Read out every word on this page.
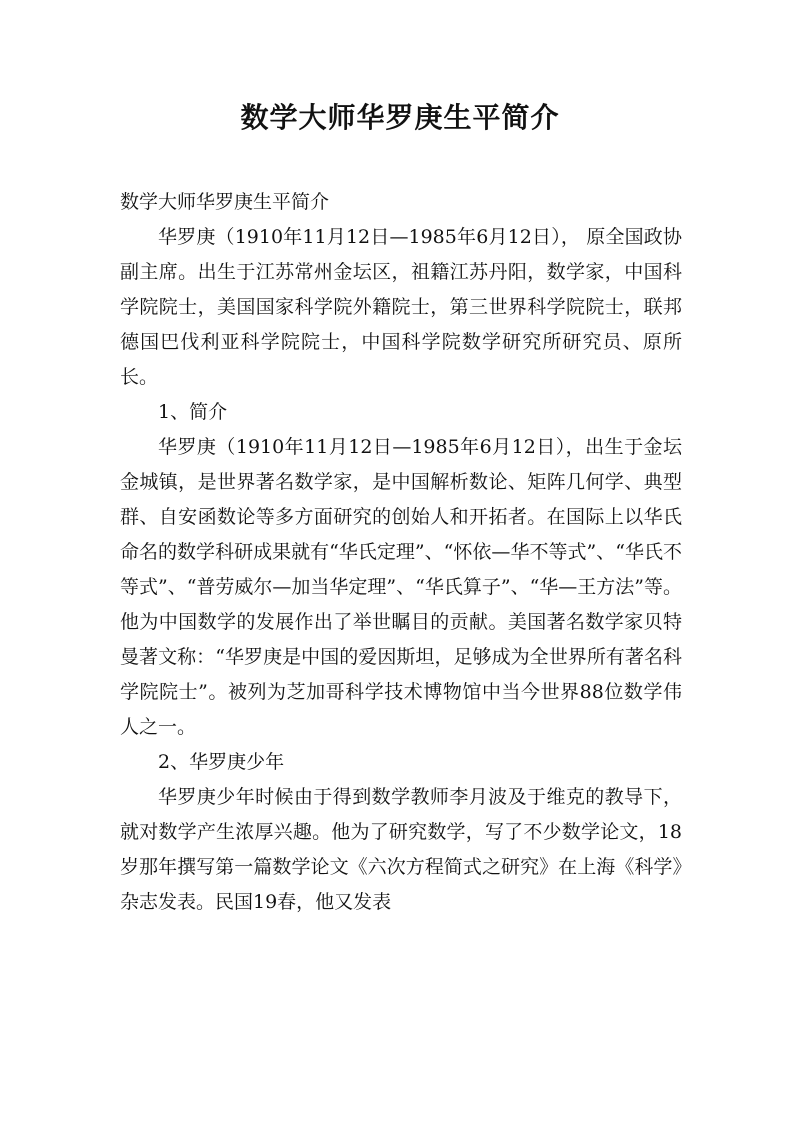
数学大师华罗庚生平简介

数学大师华罗庚生平简介

华罗庚（1910年11月12日—1985年6月12日）， 原全国政协副主席。出生于江苏常州金坛区，祖籍江苏丹阳，数学家，中国科学院院士，美国国家科学院外籍院士，第三世界科学院院士，联邦德国巴伐利亚科学院院士，中国科学院数学研究所研究员、原所长。

1、简介

华罗庚（1910年11月12日—1985年6月12日），出生于金坛金城镇，是世界著名数学家，是中国解析数论、矩阵几何学、典型群、自安函数论等多方面研究的创始人和开拓者。在国际上以华氏命名的数学科研成果就有“华氏定理”、“怀依—华不等式”、“华氏不等式”、“普劳威尔—加当华定理”、“华氏算子”、“华—王方法”等。他为中国数学的发展作出了举世瞩目的贡献。美国著名数学家贝特曼著文称：“华罗庚是中国的爱因斯坦，足够成为全世界所有著名科学院院士”。被列为芝加哥科学技术博物馆中当今世界88位数学伟人之一。

2、华罗庚少年

华罗庚少年时候由于得到数学教师李月波及于维克的教导下，就对数学产生浓厚兴趣。他为了研究数学，写了不少数学论文，18岁那年撰写第一篇数学论文《六次方程简式之研究》在上海《科学》杂志发表。民国19春，他又发表
